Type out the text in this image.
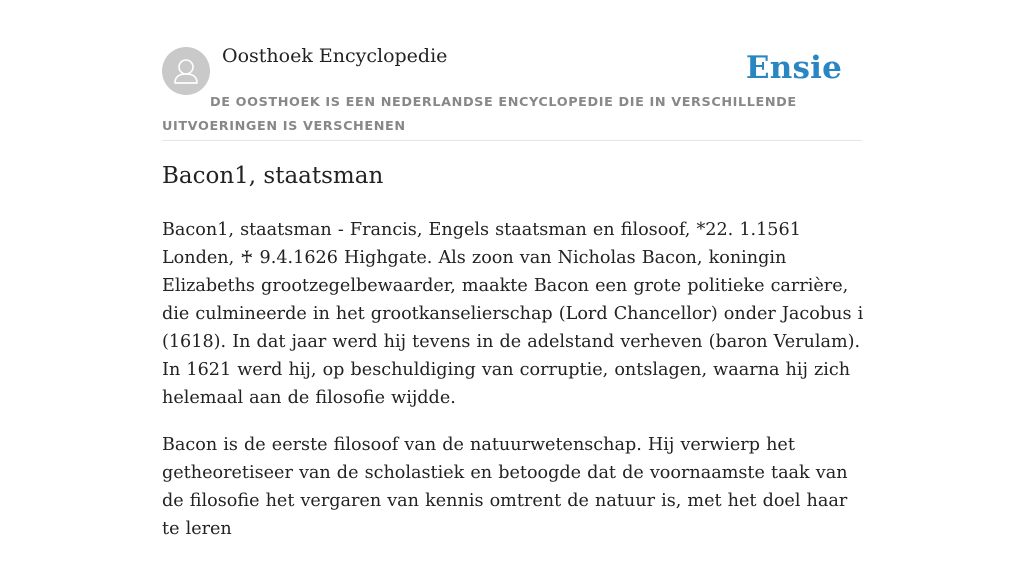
Oosthoek Encyclopedie	Ensie
DE OOSTHOEK IS EEN NEDERLANDSE ENCYCLOPEDIE DIE IN VERSCHILLENDE UITVOERINGEN IS VERSCHENEN
Bacon1, staatsman

Bacon1, staatsman - Francis, Engels staatsman en filosoof, *22. 1.1561 Londen, ♰ 9.4.1626 Highgate. Als zoon van Nicholas Bacon, koningin Elizabeths grootzegelbewaarder, maakte Bacon een grote politieke carrière, die culmineerde in het grootkanselierschap (Lord Chancellor) onder Jacobus i (1618). In dat jaar werd hij tevens in de adelstand verheven (baron Verulam). In 1621 werd hij, op beschuldiging van corruptie, ontslagen, waarna hij zich helemaal aan de filosofie wijdde.

Bacon is de eerste filosoof van de natuurwetenschap. Hij verwierp het getheoretiseer van de scholastiek en betoogde dat de voornaamste taak van de filosofie het vergaren van kennis omtrent de natuur is, met het doel haar te leren
